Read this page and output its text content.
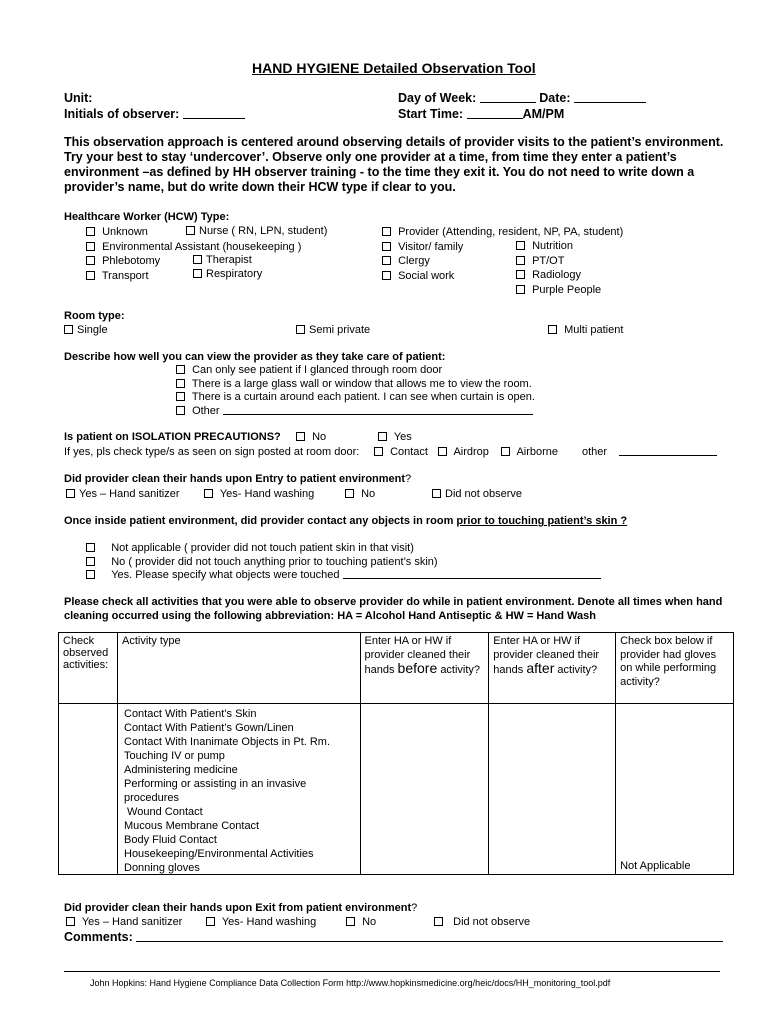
HAND HYGIENE Detailed Observation Tool
Unit:
Initials of observer:
Day of Week:	Date:
Start Time:	AM/PM
This observation approach is centered around observing details of provider visits to the patient’s environment. Try your best to stay ‘undercover’. Observe only one provider at a time, from time they enter a patient’s environment –as defined by HH observer training - to the time they exit it. You do not need to write down a provider’s name, but do write down their HCW type if clear to you.
Healthcare Worker (HCW) Type:
Unknown
Environmental Assistant (housekeeping )
Phlebotomy
Transport
Nurse ( RN, LPN, student)
Therapist
Respiratory
Provider (Attending, resident, NP, PA, student)
Visitor/ family
Clergy
Social work
Nutrition
PT/OT
Radiology
Purple People
Room type:
Single	Semi private	Multi patient
Describe how well you can view the provider as they take care of patient:
Can only see patient if I glanced through room door
There is a large glass wall or window that allows me to view the room.
There is a curtain around each patient. I can see when curtain is open.
Other
Is patient on ISOLATION PRECAUTIONS?	No	Yes
If yes, pls check type/s as seen on sign posted at room door:	Contact	Airdrop	Airborne other
Did provider clean their hands upon Entry to patient environment?
Yes – Hand sanitizer	Yes- Hand washing	No	Did not observe
Once inside patient environment, did provider contact any objects in room prior to touching patient’s skin ?
Not applicable ( provider did not touch patient skin in that visit)
No ( provider did not touch anything prior to touching patient’s skin)
Yes. Please specify what objects were touched
Please check all activities that you were able to observe provider do while in patient environment. Denote all times when hand cleaning occurred using the following abbreviation: HA = Alcohol Hand Antiseptic & HW = Hand Wash
Check observed activities:	Activity type	Enter HA or HW if provider cleaned their hands before activity?	Enter HA or HW if provider cleaned their hands after activity?	Check box below if provider had gloves on while performing activity?
				Not Applicable
Contact With Patient’s Skin
Contact With Patient’s Gown/Linen
Contact With Inanimate Objects in Pt. Rm.
Touching IV or pump
Administering medicine
Performing or assisting in an invasive procedures
Wound Contact
Mucous Membrane Contact
Body Fluid Contact
Housekeeping/Environmental Activities
Donning gloves
Did provider clean their hands upon Exit from patient environment?
Yes – Hand sanitizer	Yes- Hand washing	No	Did not observe
Comments:
John Hopkins: Hand Hygiene Compliance Data Collection Form http://www.hopkinsmedicine.org/heic/docs/HH_monitoring_tool.pdf
